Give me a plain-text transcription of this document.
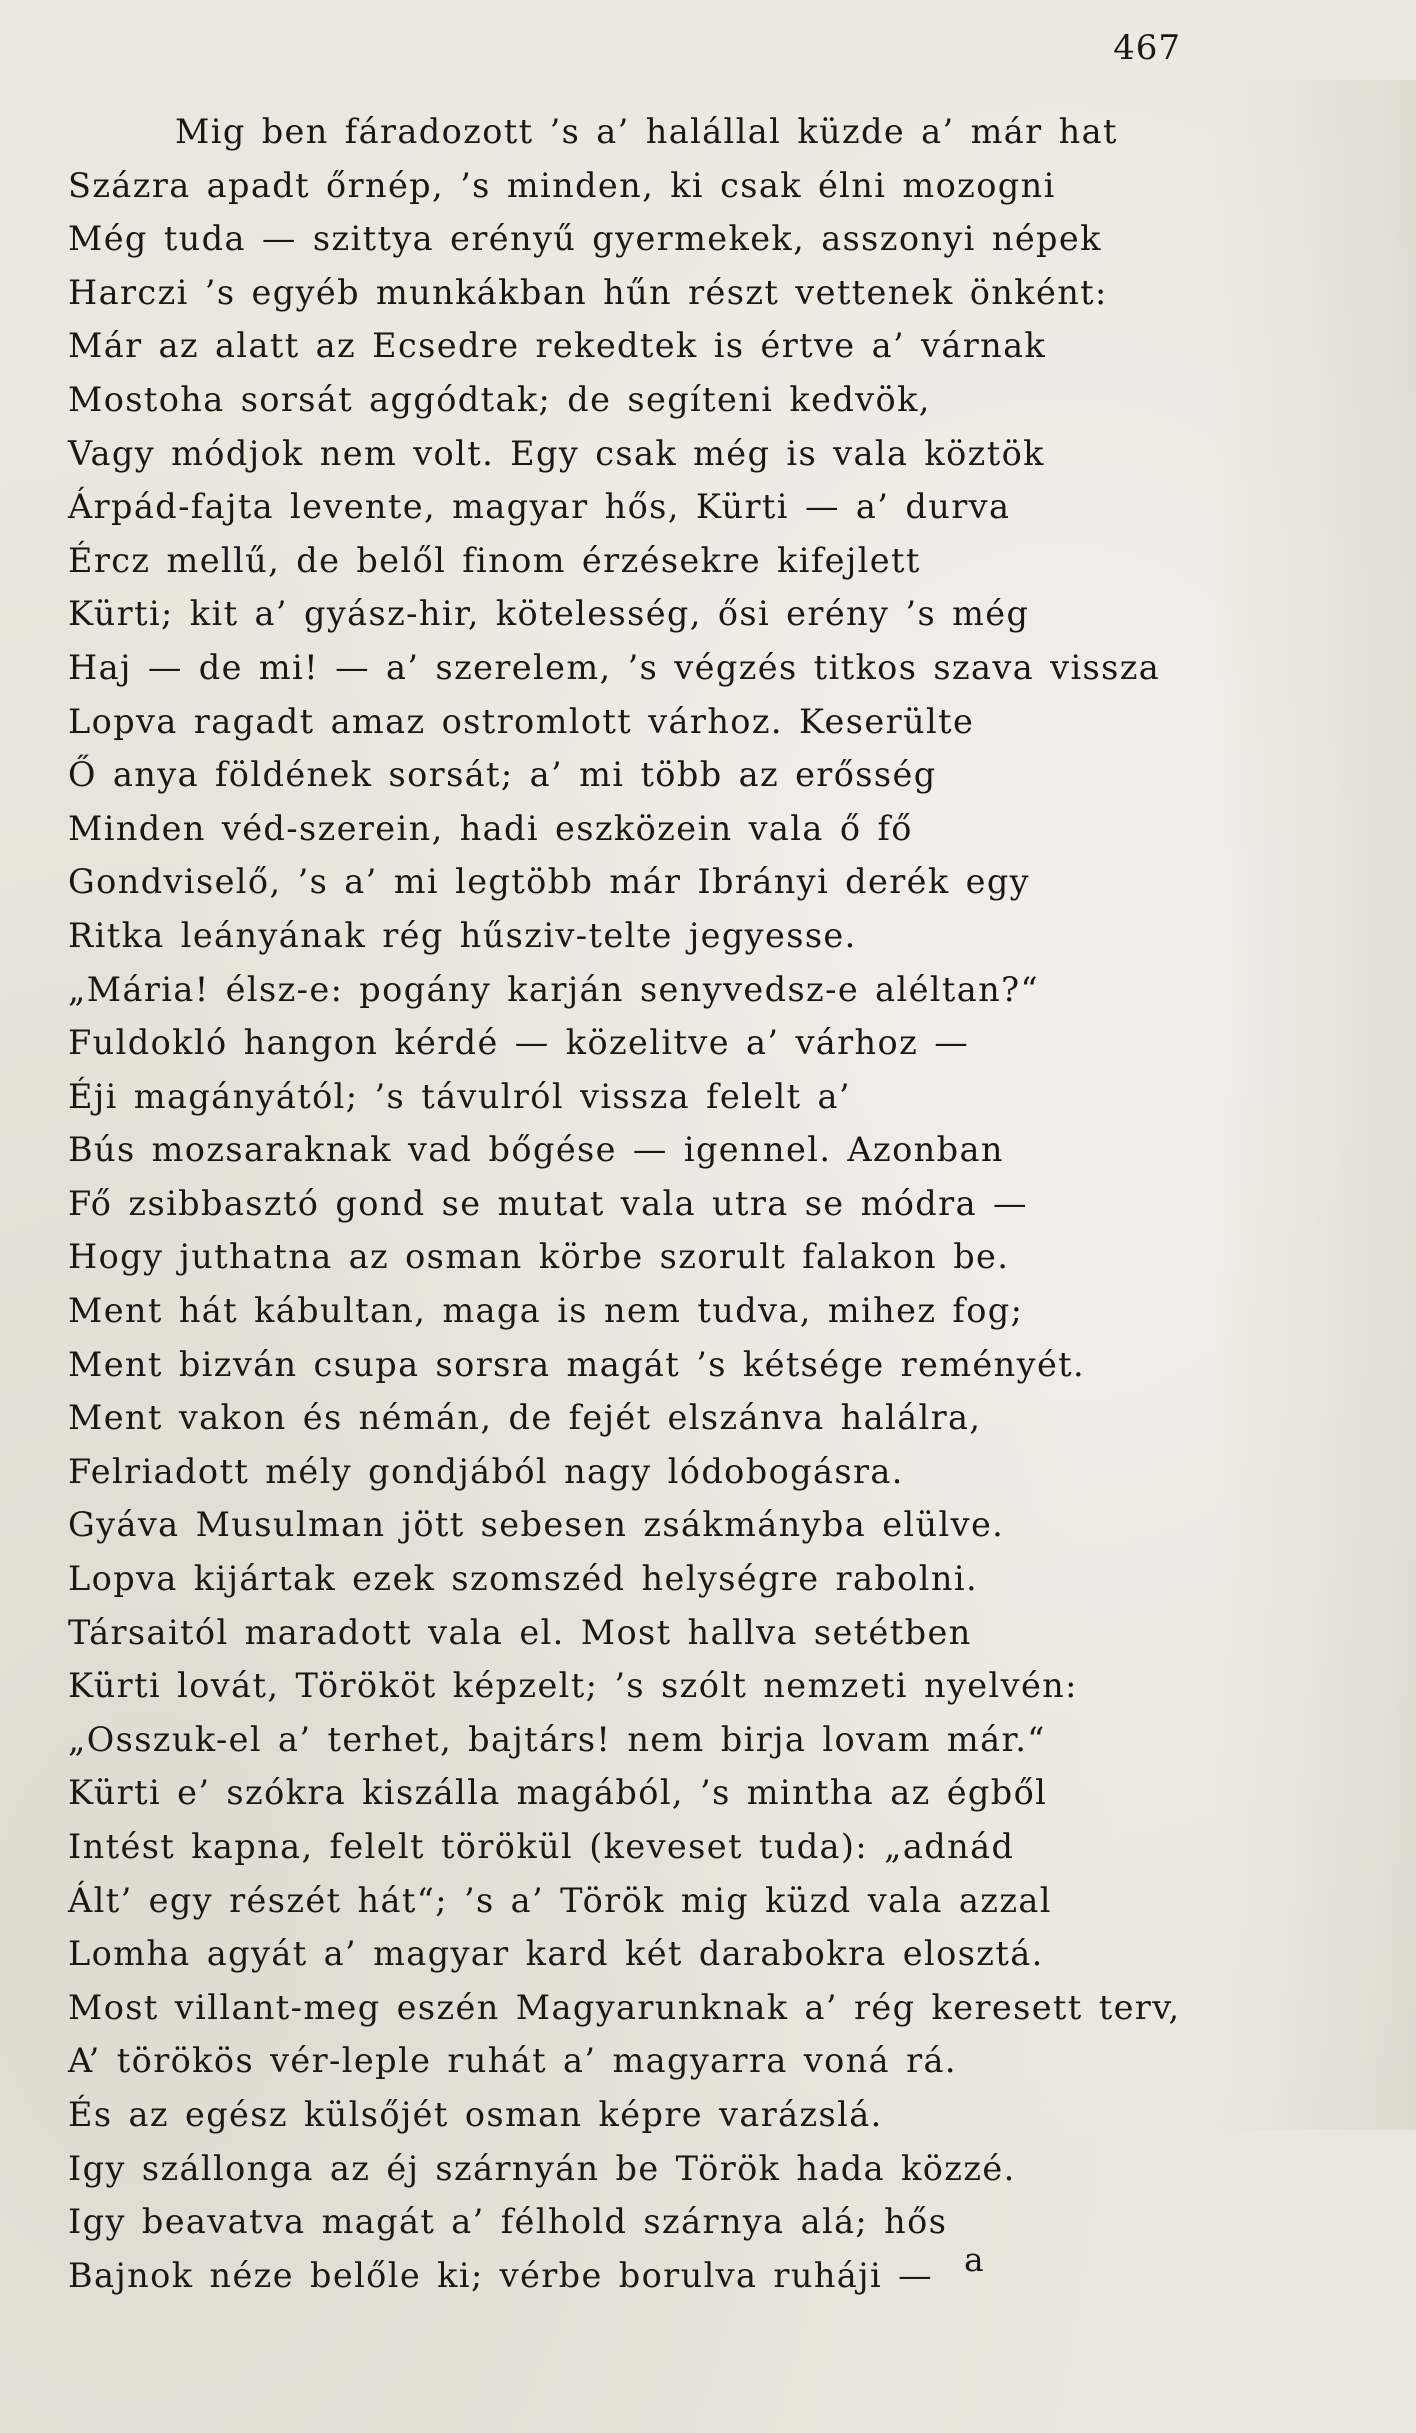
467
Mig ben fáradozott ’s a’ halállal küzde a’ már hat
Százra apadt őrnép, ’s minden, ki csak élni mozogni
Még tuda — szittya erényű gyermekek, asszonyi népek
Harczi ’s egyéb munkákban hűn részt vettenek önként:
Már az alatt az Ecsedre rekedtek is értve a’ várnak
Mostoha sorsát aggódtak; de segíteni kedvök,
Vagy módjok nem volt. Egy csak még is vala köztök
Árpád-fajta levente, magyar hős, Kürti — a’ durva
Ércz mellű, de belől finom érzésekre kifejlett
Kürti; kit a’ gyász-hir, kötelesség, ősi erény ’s még
Haj — de mi! — a’ szerelem, ’s végzés titkos szava vissza
Lopva ragadt amaz ostromlott várhoz. Keserülte
Ő anya földének sorsát; a’ mi több az erősség
Minden véd-szerein, hadi eszközein vala ő fő
Gondviselő, ’s a’ mi legtöbb már Ibrányi derék egy
Ritka leányának rég hűsziv-telte jegyesse.
„Mária! élsz-e: pogány karján senyvedsz-e aléltan?“
Fuldokló hangon kérdé — közelitve a’ várhoz —
Éji magányától; ’s távulról vissza felelt a’
Bús mozsaraknak vad bőgése — igennel. Azonban
Fő zsibbasztó gond se mutat vala utra se módra —
Hogy juthatna az osman körbe szorult falakon be.
Ment hát kábultan, maga is nem tudva, mihez fog;
Ment bizván csupa sorsra magát ’s kétsége reményét.
Ment vakon és némán, de fejét elszánva halálra,
Felriadott mély gondjából nagy lódobogásra.
Gyáva Musulman jött sebesen zsákmányba elülve.
Lopva kijártak ezek szomszéd helységre rabolni.
Társaitól maradott vala el. Most hallva setétben
Kürti lovát, Törököt képzelt; ’s szólt nemzeti nyelvén:
„Osszuk-el a’ terhet, bajtárs! nem birja lovam már.“
Kürti e’ szókra kiszálla magából, ’s mintha az égből
Intést kapna, felelt törökül (keveset tuda): „adnád
Ált’ egy részét hát“; ’s a’ Török mig küzd vala azzal
Lomha agyát a’ magyar kard két darabokra elosztá.
Most villant-meg eszén Magyarunknak a’ rég keresett terv,
A’ törökös vér-leple ruhát a’ magyarra voná rá.
És az egész külsőjét osman képre varázslá.
Igy szállonga az éj szárnyán be Török hada közzé.
Igy beavatva magát a’ félhold szárnya alá; hős
Bajnok néze belőle ki; vérbe borulva ruháji — a
